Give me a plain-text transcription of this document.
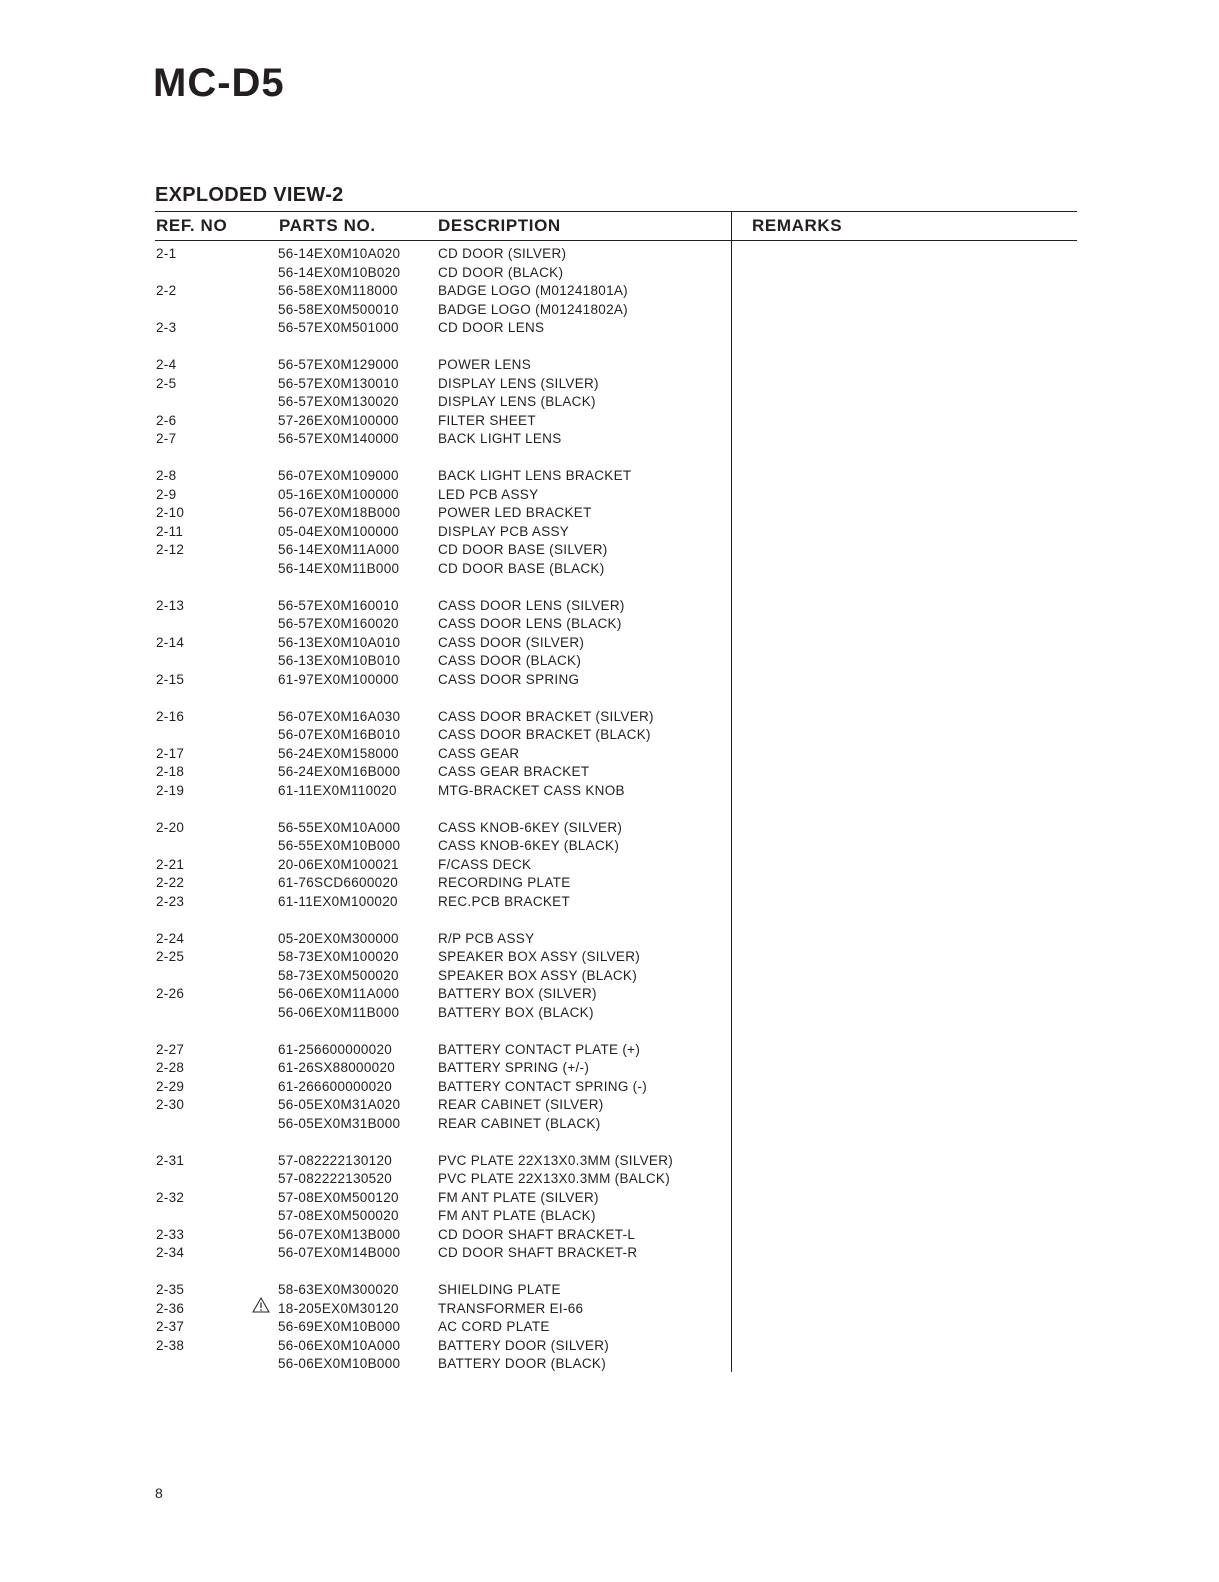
MC-D5
EXPLODED VIEW-2
REF. NO	PARTS NO.	DESCRIPTION	REMARKS
2-1	56-14EX0M10A020	CD DOOR (SILVER)
56-14EX0M10B020	CD DOOR (BLACK)
2-2	56-58EX0M118000	BADGE LOGO (M01241801A)
56-58EX0M500010	BADGE LOGO (M01241802A)
2-3	56-57EX0M501000	CD DOOR LENS
2-4	56-57EX0M129000	POWER LENS
2-5	56-57EX0M130010	DISPLAY LENS (SILVER)
56-57EX0M130020	DISPLAY LENS (BLACK)
2-6	57-26EX0M100000	FILTER SHEET
2-7	56-57EX0M140000	BACK LIGHT LENS
2-8	56-07EX0M109000	BACK LIGHT LENS BRACKET
2-9	05-16EX0M100000	LED PCB ASSY
2-10	56-07EX0M18B000	POWER LED BRACKET
2-11	05-04EX0M100000	DISPLAY PCB ASSY
2-12	56-14EX0M11A000	CD DOOR BASE (SILVER)
56-14EX0M11B000	CD DOOR BASE (BLACK)
2-13	56-57EX0M160010	CASS DOOR LENS (SILVER)
56-57EX0M160020	CASS DOOR LENS (BLACK)
2-14	56-13EX0M10A010	CASS DOOR (SILVER)
56-13EX0M10B010	CASS DOOR (BLACK)
2-15	61-97EX0M100000	CASS DOOR SPRING
2-16	56-07EX0M16A030	CASS DOOR BRACKET (SILVER)
56-07EX0M16B010	CASS DOOR BRACKET (BLACK)
2-17	56-24EX0M158000	CASS GEAR
2-18	56-24EX0M16B000	CASS GEAR BRACKET
2-19	61-11EX0M110020	MTG-BRACKET CASS KNOB
2-20	56-55EX0M10A000	CASS KNOB-6KEY (SILVER)
56-55EX0M10B000	CASS KNOB-6KEY (BLACK)
2-21	20-06EX0M100021	F/CASS DECK
2-22	61-76SCD6600020	RECORDING PLATE
2-23	61-11EX0M100020	REC.PCB BRACKET
2-24	05-20EX0M300000	R/P PCB ASSY
2-25	58-73EX0M100020	SPEAKER BOX ASSY (SILVER)
58-73EX0M500020	SPEAKER BOX ASSY (BLACK)
2-26	56-06EX0M11A000	BATTERY BOX (SILVER)
56-06EX0M11B000	BATTERY BOX (BLACK)
2-27	61-256600000020	BATTERY CONTACT PLATE (+)
2-28	61-26SX88000020	BATTERY SPRING (+/-)
2-29	61-266600000020	BATTERY CONTACT SPRING (-)
2-30	56-05EX0M31A020	REAR CABINET (SILVER)
56-05EX0M31B000	REAR CABINET (BLACK)
2-31	57-082222130120	PVC PLATE 22X13X0.3MM (SILVER)
57-082222130520	PVC PLATE 22X13X0.3MM (BALCK)
2-32	57-08EX0M500120	FM ANT PLATE (SILVER)
57-08EX0M500020	FM ANT PLATE (BLACK)
2-33	56-07EX0M13B000	CD DOOR SHAFT BRACKET-L
2-34	56-07EX0M14B000	CD DOOR SHAFT BRACKET-R
2-35	58-63EX0M300020	SHIELDING PLATE
2-36	18-205EX0M30120	TRANSFORMER EI-66
2-37	56-69EX0M10B000	AC CORD PLATE
2-38	56-06EX0M10A000	BATTERY DOOR (SILVER)
56-06EX0M10B000	BATTERY DOOR (BLACK)
8
